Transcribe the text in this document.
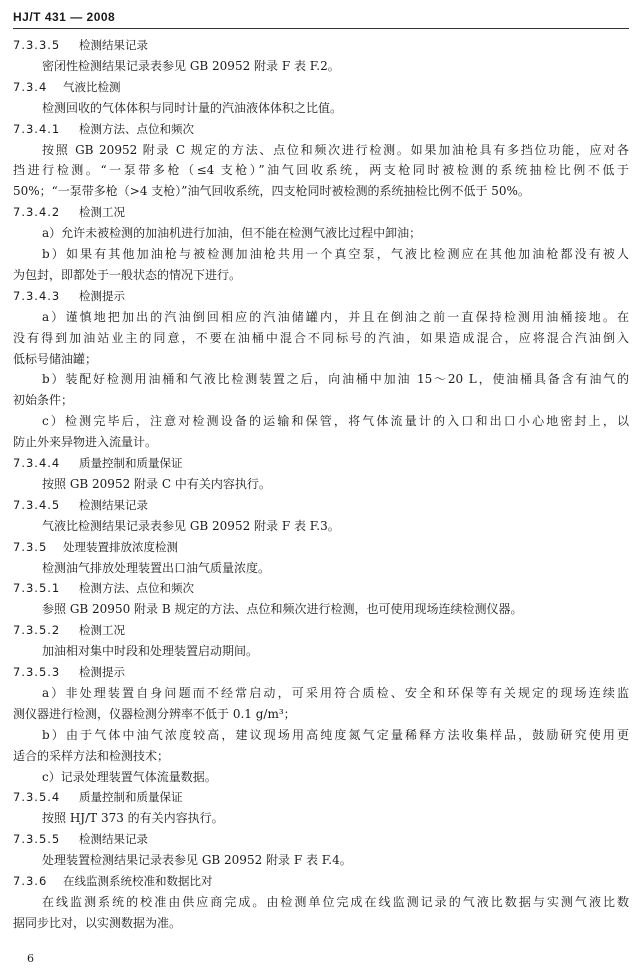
HJ/T 431 — 2008
7.3.3.5 检测结果记录
密闭性检测结果记录表参见 GB 20952 附录 F 表 F.2。
7.3.4 气液比检测
检测回收的气体体积与同时计量的汽油液体体积之比值。
7.3.4.1 检测方法、点位和频次
按照 GB 20952 附录 C 规定的方法、点位和频次进行检测。如果加油枪具有多挡位功能，应对各
挡进行检测。“一泵带多枪（≤4 支枪）”油气回收系统，两支枪同时被检测的系统抽检比例不低于
50%；“一泵带多枪（>4 支枪）”油气回收系统，四支枪同时被检测的系统抽检比例不低于 50%。
7.3.4.2 检测工况
a）允许未被检测的加油机进行加油，但不能在检测气液比过程中卸油；
b）如果有其他加油枪与被检测加油枪共用一个真空泵，气液比检测应在其他加油枪都没有被人
为包封，即都处于一般状态的情况下进行。
7.3.4.3 检测提示
a）谨慎地把加出的汽油倒回相应的汽油储罐内，并且在倒油之前一直保持检测用油桶接地。在
没有得到加油站业主的同意，不要在油桶中混合不同标号的汽油，如果造成混合，应将混合汽油倒入
低标号储油罐；
b）装配好检测用油桶和气液比检测装置之后，向油桶中加油 15～20 L，使油桶具备含有油气的
初始条件；
c）检测完毕后，注意对检测设备的运输和保管，将气体流量计的入口和出口小心地密封上，以
防止外来异物进入流量计。
7.3.4.4 质量控制和质量保证
按照 GB 20952 附录 C 中有关内容执行。
7.3.4.5 检测结果记录
气液比检测结果记录表参见 GB 20952 附录 F 表 F.3。
7.3.5 处理装置排放浓度检测
检测油气排放处理装置出口油气质量浓度。
7.3.5.1 检测方法、点位和频次
参照 GB 20950 附录 B 规定的方法、点位和频次进行检测，也可使用现场连续检测仪器。
7.3.5.2 检测工况
加油相对集中时段和处理装置启动期间。
7.3.5.3 检测提示
a）非处理装置自身问题而不经常启动，可采用符合质检、安全和环保等有关规定的现场连续监
测仪器进行检测，仪器检测分辨率不低于 0.1 g/m³；
b）由于气体中油气浓度较高，建议现场用高纯度氮气定量稀释方法收集样品，鼓励研究使用更
适合的采样方法和检测技术；
c）记录处理装置气体流量数据。
7.3.5.4 质量控制和质量保证
按照 HJ/T 373 的有关内容执行。
7.3.5.5 检测结果记录
处理装置检测结果记录表参见 GB 20952 附录 F 表 F.4。
7.3.6 在线监测系统校准和数据比对
在线监测系统的校准由供应商完成。由检测单位完成在线监测记录的气液比数据与实测气液比数
据同步比对，以实测数据为准。
6
